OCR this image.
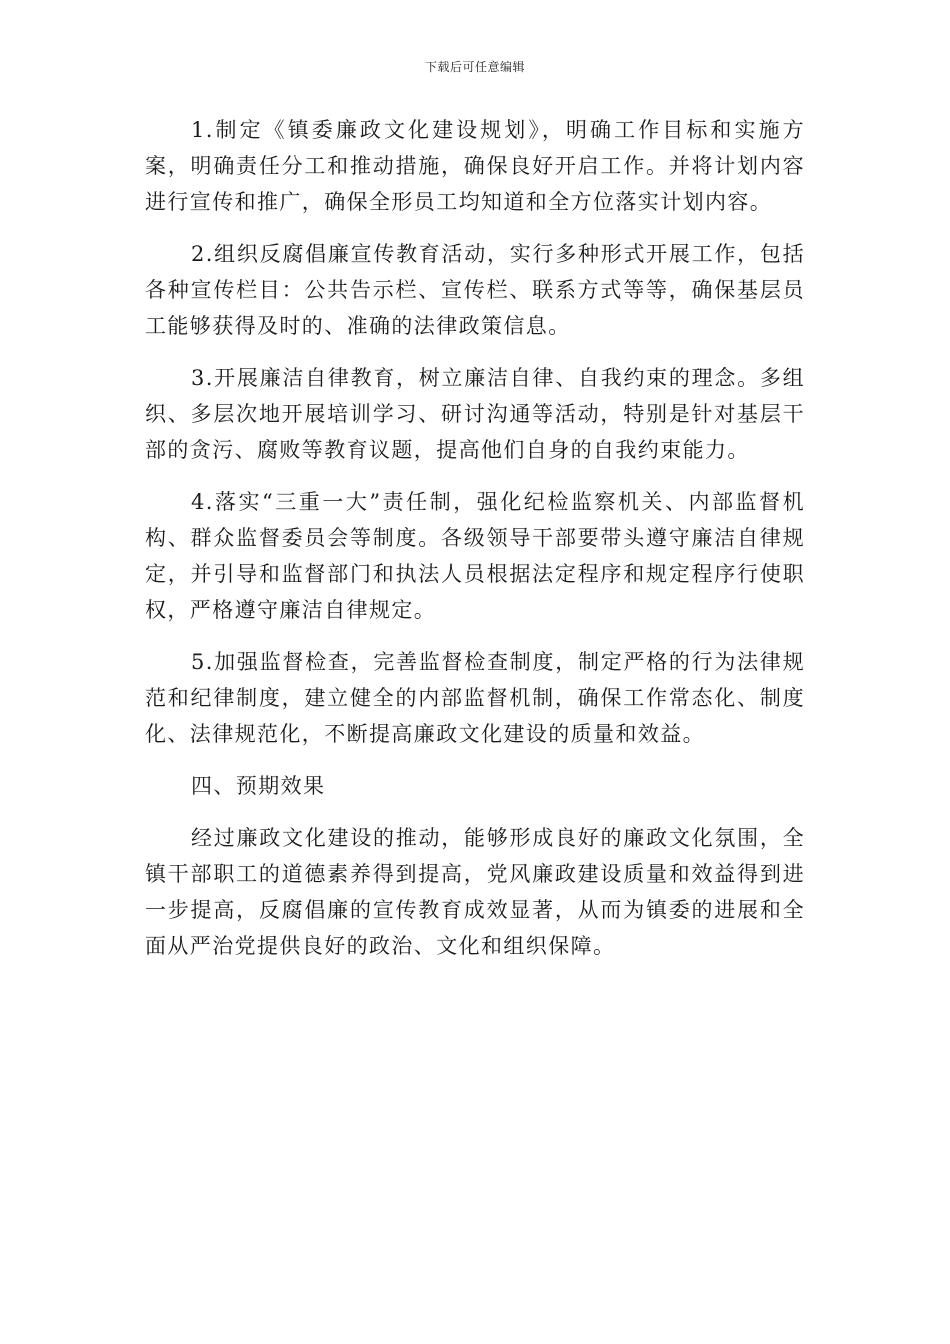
下载后可任意编辑

1.制定《镇委廉政文化建设规划》，明确工作目标和实施方案，明确责任分工和推动措施，确保良好开启工作。并将计划内容进行宣传和推广，确保全形员工均知道和全方位落实计划内容。

2.组织反腐倡廉宣传教育活动，实行多种形式开展工作，包括各种宣传栏目：公共告示栏、宣传栏、联系方式等等，确保基层员工能够获得及时的、准确的法律政策信息。

3.开展廉洁自律教育，树立廉洁自律、自我约束的理念。多组织、多层次地开展培训学习、研讨沟通等活动，特别是针对基层干部的贪污、腐败等教育议题，提高他们自身的自我约束能力。

4.落实“三重一大”责任制，强化纪检监察机关、内部监督机构、群众监督委员会等制度。各级领导干部要带头遵守廉洁自律规定，并引导和监督部门和执法人员根据法定程序和规定程序行使职权，严格遵守廉洁自律规定。

5.加强监督检查，完善监督检查制度，制定严格的行为法律规范和纪律制度，建立健全的内部监督机制，确保工作常态化、制度化、法律规范化，不断提高廉政文化建设的质量和效益。

四、预期效果

经过廉政文化建设的推动，能够形成良好的廉政文化氛围，全镇干部职工的道德素养得到提高，党风廉政建设质量和效益得到进一步提高，反腐倡廉的宣传教育成效显著，从而为镇委的进展和全面从严治党提供良好的政治、文化和组织保障。
